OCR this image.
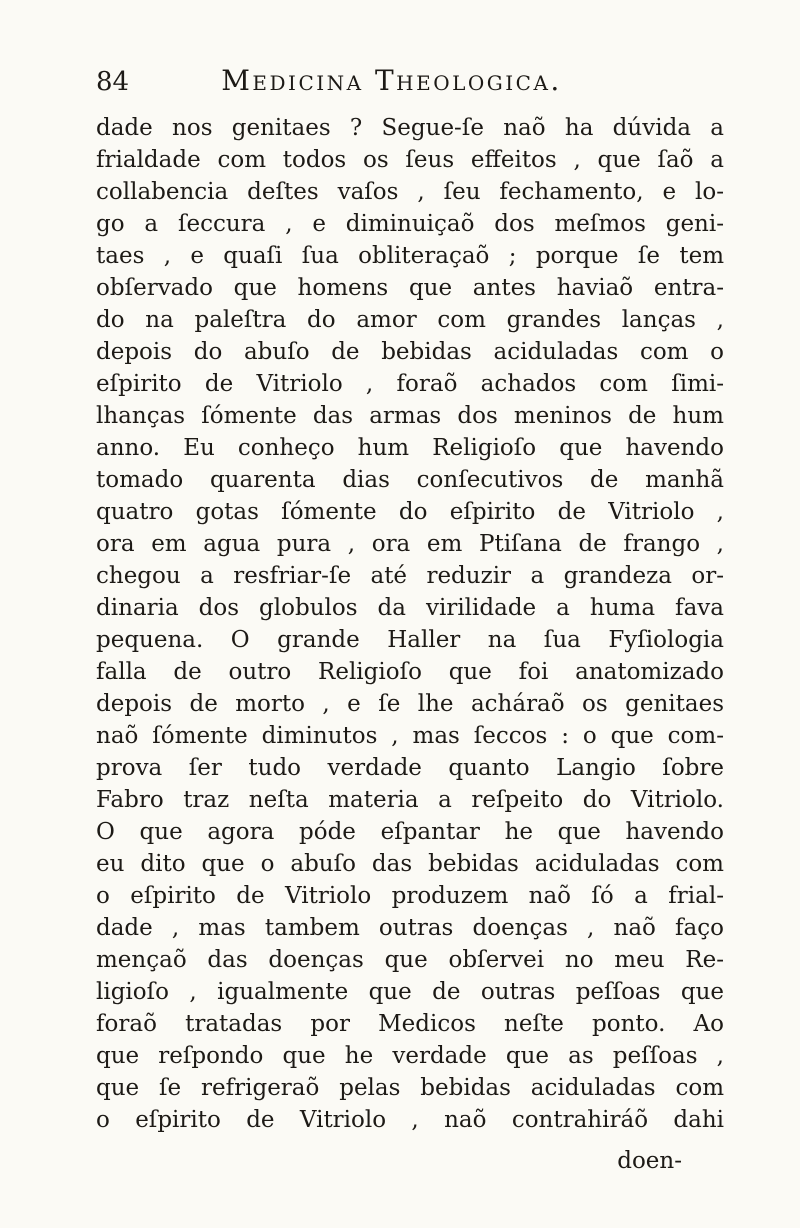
84	Medicina Theologica.
dade nos genitaes ? Segue-ſe naõ ha dúvida a
frialdade com todos os ſeus effeitos , que ſaõ a
collabencia deſtes vaſos , ſeu fechamento, e lo-
go a ſeccura , e diminuiçaõ dos meſmos geni-
taes , e quaſi ſua obliteraçaõ ; porque ſe tem
obſervado que homens que antes haviaõ entra-
do na paleſtra do amor com grandes lanças ,
depois do abuſo de bebidas aciduladas com o
eſpirito de Vitriolo , foraõ achados com ſimi-
lhanças ſómente das armas dos meninos de hum
anno. Eu conheço hum Religioſo que havendo
tomado quarenta dias conſecutivos de manhã
quatro gotas ſómente do eſpirito de Vitriolo ,
ora em agua pura , ora em Ptiſana de frango ,
chegou a resfriar-ſe até reduzir a grandeza or-
dinaria dos globulos da virilidade a huma fava
pequena. O grande Haller na ſua Fyſiologia
falla de outro Religioſo que foi anatomizado
depois de morto , e ſe lhe acháraõ os genitaes
naõ ſómente diminutos , mas ſeccos : o que com-
prova ſer tudo verdade quanto Langio ſobre
Fabro traz neſta materia a reſpeito do Vitriolo.
O que agora póde eſpantar he que havendo
eu dito que o abuſo das bebidas aciduladas com
o eſpirito de Vitriolo produzem naõ ſó a frial-
dade , mas tambem outras doenças , naõ faço
mençaõ das doenças que obſervei no meu Re-
ligioſo , igualmente que de outras peſſoas que
foraõ tratadas por Medicos neſte ponto. Ao
que reſpondo que he verdade que as peſſoas ,
que ſe refrigeraõ pelas bebidas aciduladas com
o eſpirito de Vitriolo , naõ contrahiráõ dahi
doen-
